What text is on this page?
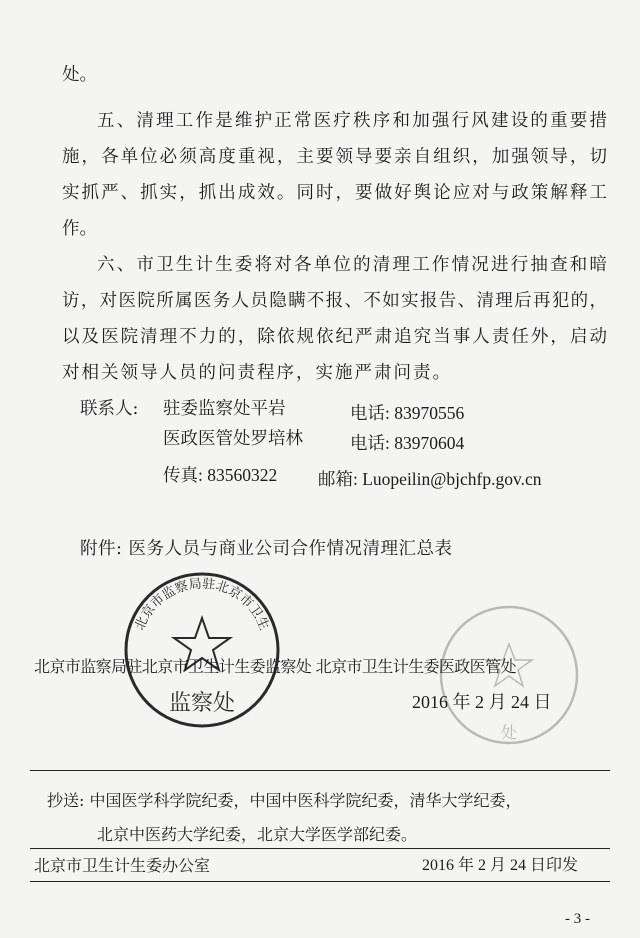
处。
五、清理工作是维护正常医疗秩序和加强行风建设的重要措
施，各单位必须高度重视，主要领导要亲自组织，加强领导，切
实抓严、抓实，抓出成效。同时，要做好舆论应对与政策解释工
作。
六、市卫生计生委将对各单位的清理工作情况进行抽查和暗
访，对医院所属医务人员隐瞒不报、不如实报告、清理后再犯的，
以及医院清理不力的，除依规依纪严肃追究当事人责任外，启动
对相关领导人员的问责程序，实施严肃问责。
联系人: 驻委监察处平岩	电话: 83970556
医政医管处罗培林	电话: 83970604
传真: 83560322 邮箱: Luopeilin@bjchfp.gov.cn
附件: 医务人员与商业公司合作情况清理汇总表
北京市监察局驻北京市卫生
监察处
处
北京市监察局驻北京市卫生计生委监察处 北京市卫生计生委医政医管处
2016 年 2 月 24 日
抄送: 中国医学科学院纪委，中国中医科学院纪委，清华大学纪委，
北京中医药大学纪委，北京大学医学部纪委。
北京市卫生计生委办公室	2016 年 2 月 24 日印发
- 3 -
